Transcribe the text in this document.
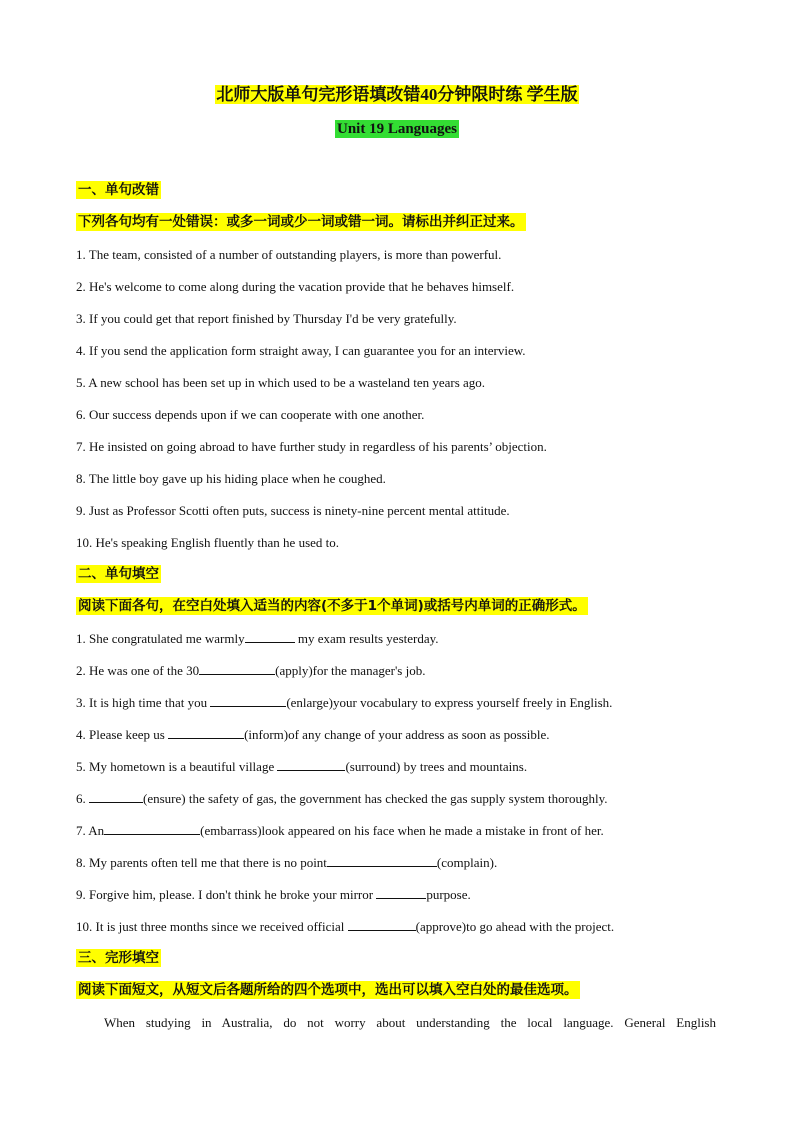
北师大版单句完形语填改错40分钟限时练 学生版
Unit 19 Languages
一、单句改错
下列各句均有一处错误：或多一词或少一词或错一词。请标出并纠正过来。
1. The team, consisted of a number of outstanding players, is more than powerful.
2. He's welcome to come along during the vacation provide that he behaves himself.
3. If you could get that report finished by Thursday I'd be very gratefully.
4. If you send the application form straight away, I can guarantee you for an interview.
5. A new school has been set up in which used to be a wasteland ten years ago.
6. Our success depends upon if we can cooperate with one another.
7. He insisted on going abroad to have further study in regardless of his parents’ objection.
8. The little boy gave up his hiding place when he coughed.
9. Just as Professor Scotti often puts, success is ninety-nine percent mental attitude.
10. He's speaking English fluently than he used to.
二、单句填空
阅读下面各句，在空白处填入适当的内容(不多于1个单词)或括号内单词的正确形式。
1. She congratulated me warmly	my exam results yesterday.
2. He was one of the 30	(apply)for the manager's job.
3. It is high time that you	(enlarge)your vocabulary to express yourself freely in English.
4. Please keep us	(inform)of any change of your address as soon as possible.
5. My hometown is a beautiful village	(surround) by trees and mountains.
6.	(ensure) the safety of gas, the government has checked the gas supply system thoroughly.
7. An	(embarrass)look appeared on his face when he made a mistake in front of her.
8. My parents often tell me that there is no point	(complain).
9. Forgive him, please. I don't think he broke your mirror	purpose.
10. It is just three months since we received official	(approve)to go ahead with the project.
三、完形填空
阅读下面短文，从短文后各题所给的四个选项中，选出可以填入空白处的最佳选项。
When studying in Australia, do not worry about understanding the local language. General English
